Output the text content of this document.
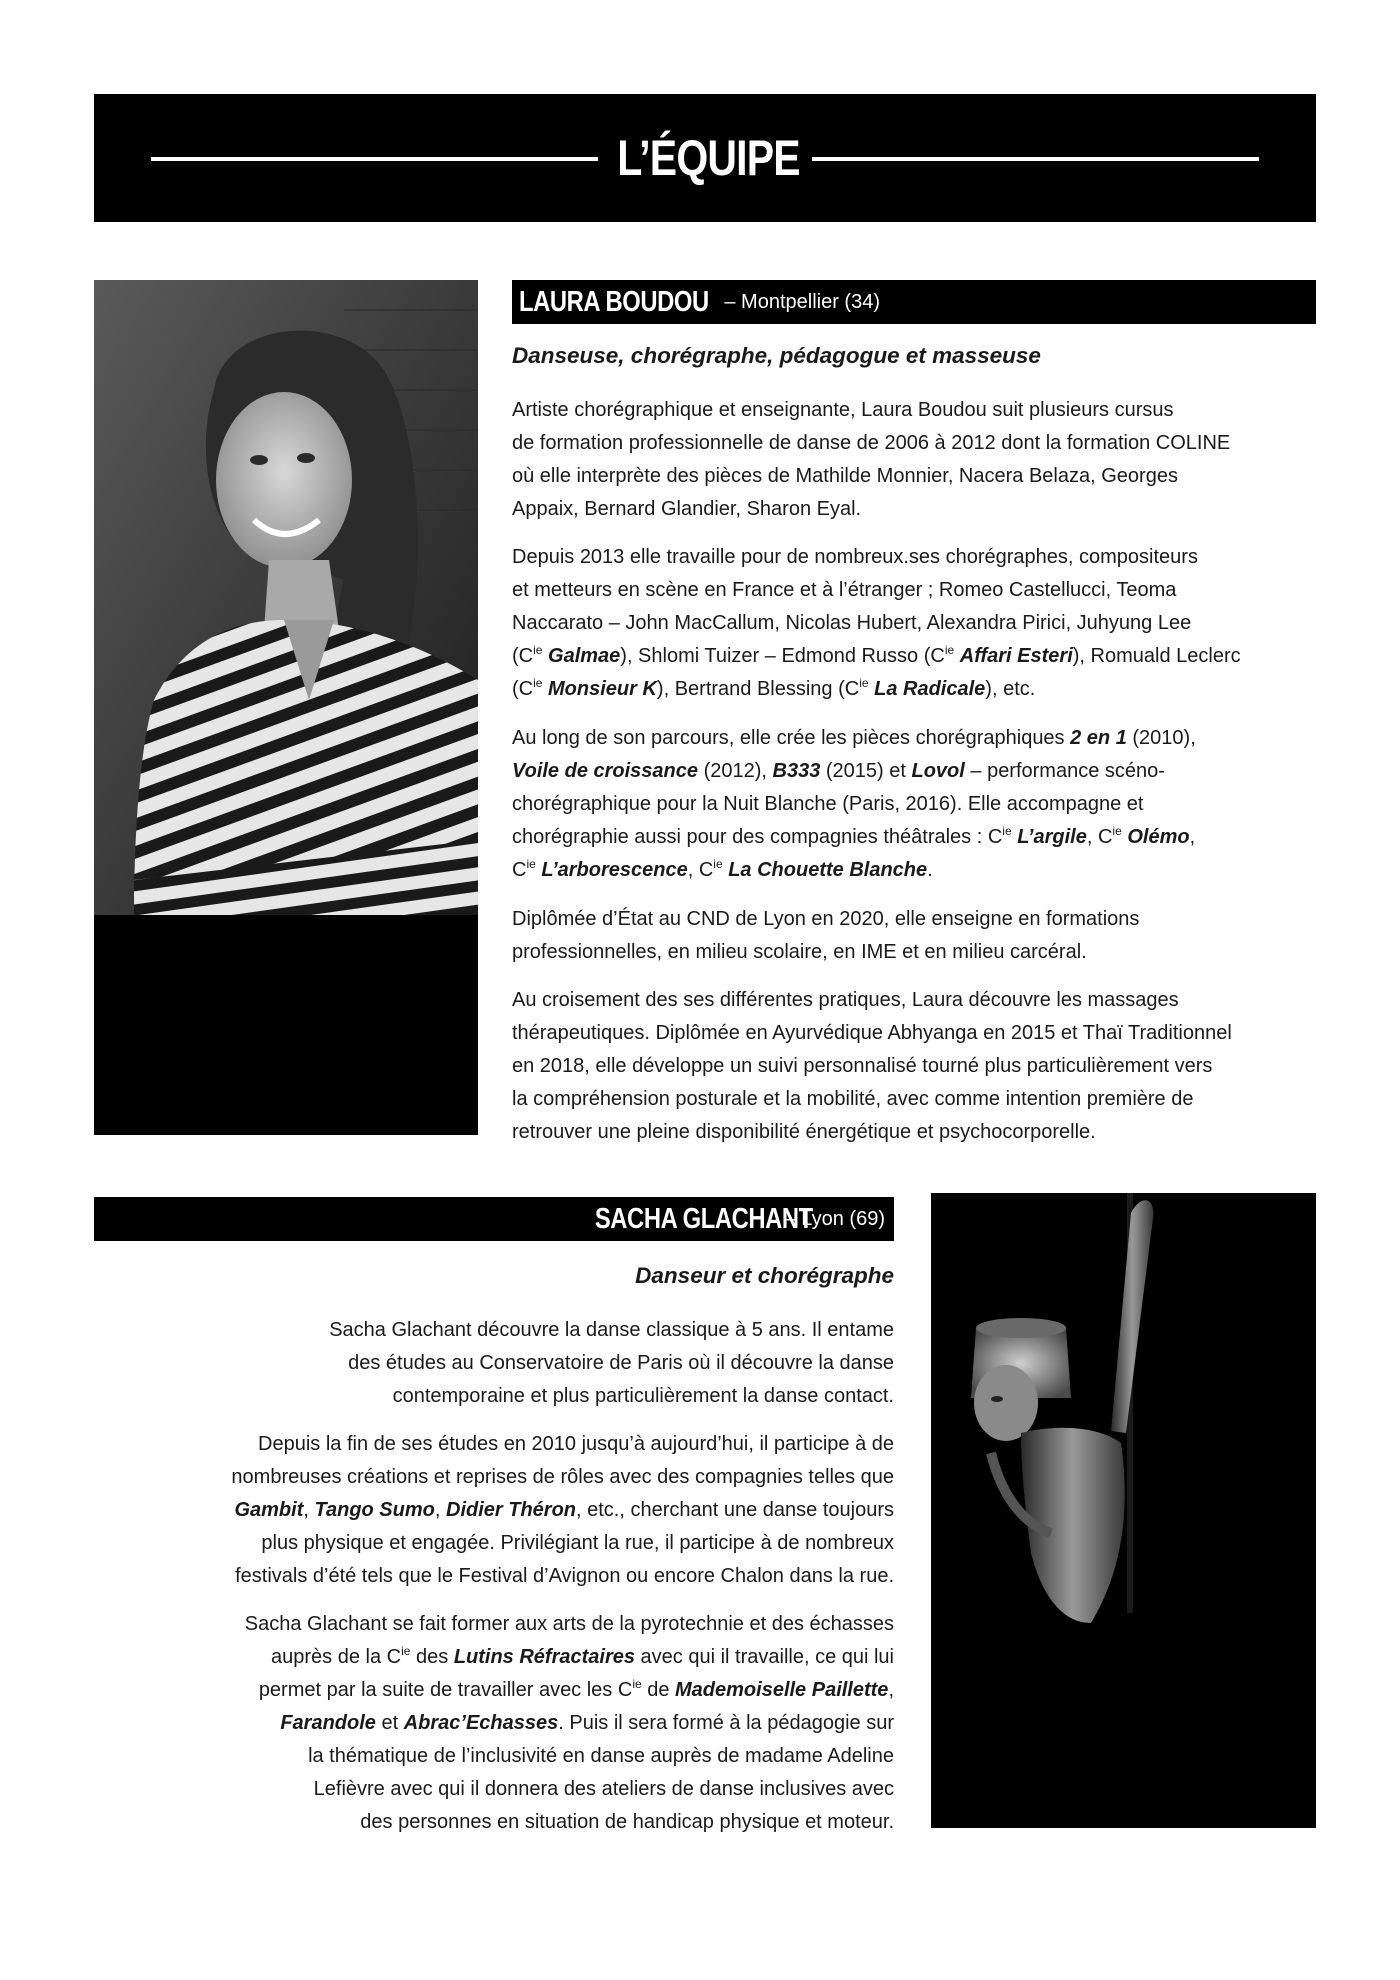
L’ÉQUIPE
LAURA BOUDOU – Montpellier (34)
Danseuse, chorégraphe, pédagogue et masseuse
Artiste chorégraphique et enseignante, Laura Boudou suit plusieurs cursus
de formation professionnelle de danse de 2006 à 2012 dont la formation COLINE
où elle interprète des pièces de Mathilde Monnier, Nacera Belaza, Georges
Appaix, Bernard Glandier, Sharon Eyal.
Depuis 2013 elle travaille pour de nombreux.ses chorégraphes, compositeurs
et metteurs en scène en France et à l’étranger ; Romeo Castellucci, Teoma
Naccarato – John MacCallum, Nicolas Hubert, Alexandra Pirici, Juhyung Lee
($C^{ie}$ Galmae), Shlomi Tuizer – Edmond Russo ($C^{ie}$ Affari Esteri), Romuald Leclerc
($C^{ie}$ Monsieur K), Bertrand Blessing ($C^{ie}$ La Radicale), etc.
Au long de son parcours, elle crée les pièces chorégraphiques 2 en 1 (2010),
Voile de croissance (2012), B333 (2015) et Lovol – performance scéno-
chorégraphique pour la Nuit Blanche (Paris, 2016). Elle accompagne et
chorégraphie aussi pour des compagnies théâtrales : $C^{ie}$ L’argile, $C^{ie}$ Olémo,
$C^{ie}$ L’arborescence, $C^{ie}$ La Chouette Blanche.
Diplômée d’État au CND de Lyon en 2020, elle enseigne en formations
professionnelles, en milieu scolaire, en IME et en milieu carcéral.
Au croisement des ses différentes pratiques, Laura découvre les massages
thérapeutiques. Diplômée en Ayurvédique Abhyanga en 2015 et Thaï Traditionnel
en 2018, elle développe un suivi personnalisé tourné plus particulièrement vers
la compréhension posturale et la mobilité, avec comme intention première de
retrouver une pleine disponibilité énergétique et psychocorporelle.
SACHA GLACHANT
– Lyon (69)
Danseur et chorégraphe
Sacha Glachant découvre la danse classique à 5 ans. Il entame
des études au Conservatoire de Paris où il découvre la danse
contemporaine et plus particulièrement la danse contact.
Depuis la fin de ses études en 2010 jusqu’à aujourd’hui, il participe à de
nombreuses créations et reprises de rôles avec des compagnies telles que
Gambit, Tango Sumo, Didier Théron, etc., cherchant une danse toujours
plus physique et engagée. Privilégiant la rue, il participe à de nombreux
festivals d’été tels que le Festival d’Avignon ou encore Chalon dans la rue.
Sacha Glachant se fait former aux arts de la pyrotechnie et des échasses
auprès de la $C^{ie}$ des Lutins Réfractaires avec qui il travaille, ce qui lui
permet par la suite de travailler avec les $C^{ie}$ de Mademoiselle Paillette,
Farandole et Abrac’Echasses. Puis il sera formé à la pédagogie sur
la thématique de l’inclusivité en danse auprès de madame Adeline
Lefièvre avec qui il donnera des ateliers de danse inclusives avec
des personnes en situation de handicap physique et moteur.
